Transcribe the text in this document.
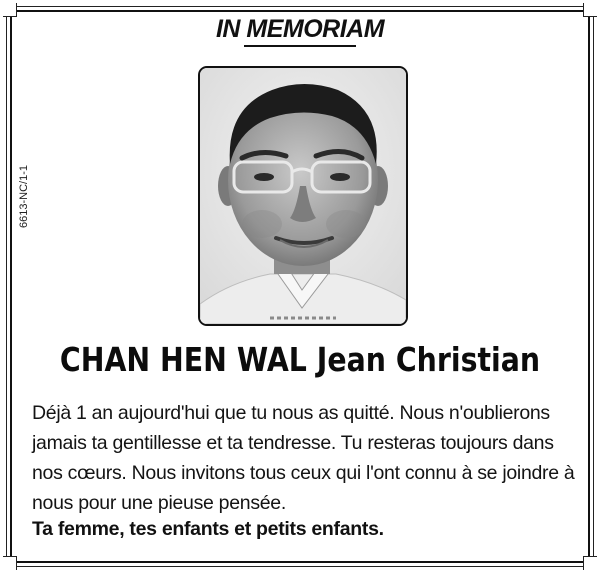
IN MEMORIAM
6613-NC/1-1
CHAN HEN WAL Jean Christian

Déjà 1 an aujourd'hui que tu nous as quitté. Nous n'oublierons jamais ta gentillesse et ta tendresse. Tu resteras toujours dans nos cœurs. Nous invitons tous ceux qui l'ont connu à se joindre à nous pour une pieuse pensée.

Ta femme, tes enfants et petits enfants.
